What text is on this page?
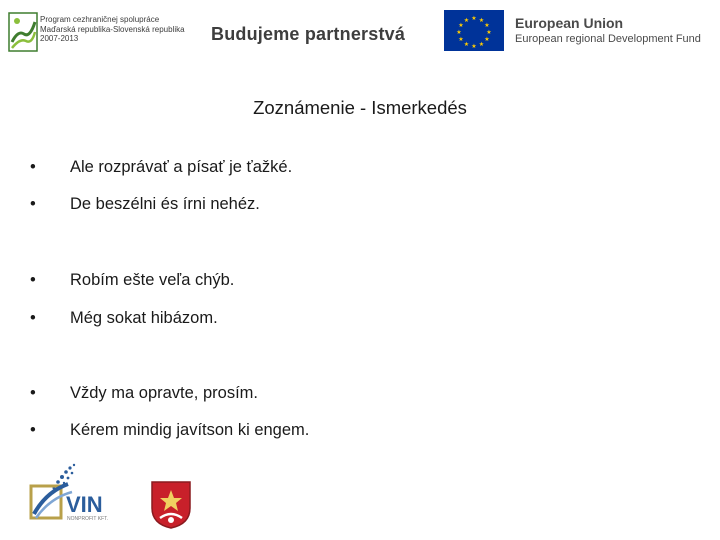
Program cezhraničnej spolupráce
Maďarská republika-Slovenská republika
2007-2013	Budujeme partnerstvá
★ ★
★
★
★
★
★
★
★
★
★
★	European Union
European regional Development Fund
Zoznámenie - Ismerkedés
• Ale rozprávať a písať je ťažké.
• De beszélni és írni nehéz.
• Robím ešte veľa chýb.
• Még sokat hibázom.
• Vždy ma opravte, prosím.
• Kérem mindig javítson ki engem.
VIN
NONPROFIT KFT.
